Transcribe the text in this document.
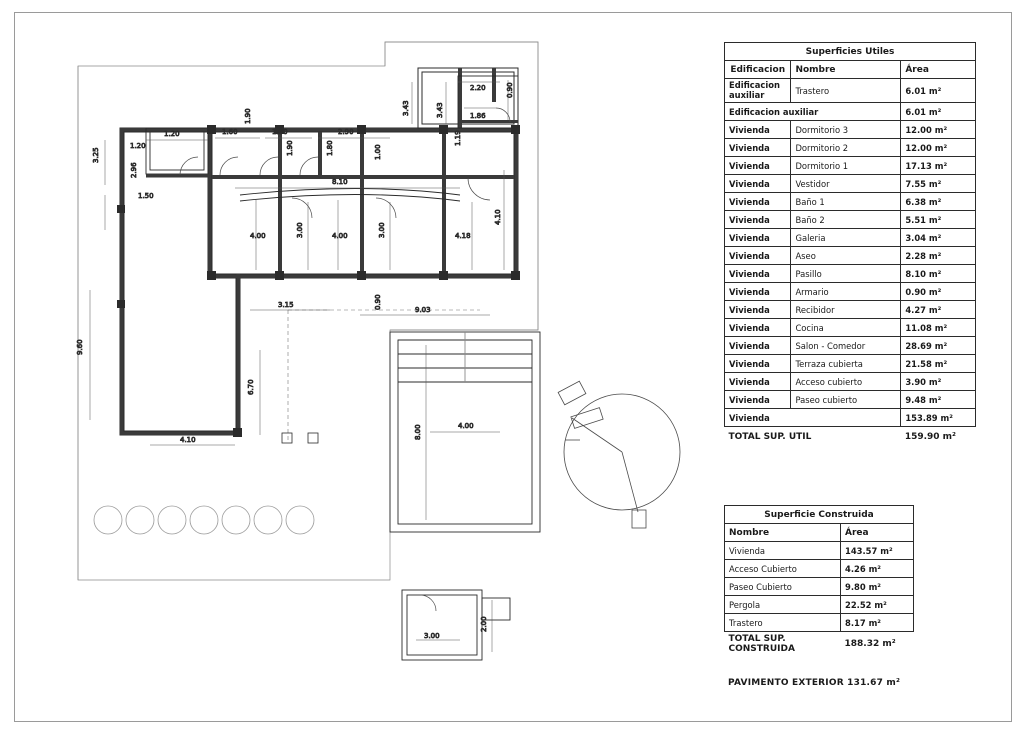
1.20	1.60	1.60	2.90
8.10
1.90
1.90	1.80	1.00
3.25
1.20
2.96
1.50
9.60
4.10
3.15
9.03
0.90
6.70
4.00	3.00	4.00	3.00	4.18
4.10
2.20	0.90
1.86
3.43	3.43
1.19
4.00
8.00
3.00
2.00
Superficies Utiles		
Edificacion	Nombre	Área
Edificacion auxiliar	Trastero	6.01 m²
Edificacion auxiliar		6.01 m²
Vivienda	Dormitorio 3	12.00 m²
Vivienda	Dormitorio 2	12.00 m²
Vivienda	Dormitorio 1	17.13 m²
Vivienda	Vestidor	7.55 m²
Vivienda	Baño 1	6.38 m²
Vivienda	Baño 2	5.51 m²
Vivienda	Galeria	3.04 m²
Vivienda	Aseo	2.28 m²
Vivienda	Pasillo	8.10 m²
Vivienda	Armario	0.90 m²
Vivienda	Recibidor	4.27 m²
Vivienda	Cocina	11.08 m²
Vivienda	Salon - Comedor	28.69 m²
Vivienda	Terraza cubierta	21.58 m²
Vivienda	Acceso cubierto	3.90 m²
Vivienda	Paseo cubierto	9.48 m²
Vivienda		153.89 m²
TOTAL SUP. UTIL		159.90 m²
Superficie Construida	
Nombre	Área
Vivienda	143.57 m²
Acceso Cubierto	4.26 m²
Paseo Cubierto	9.80 m²
Pergola	22.52 m²
Trastero	8.17 m²
TOTAL SUP. CONSTRUIDA	188.32 m²
PAVIMENTO EXTERIOR 131.67 m²
